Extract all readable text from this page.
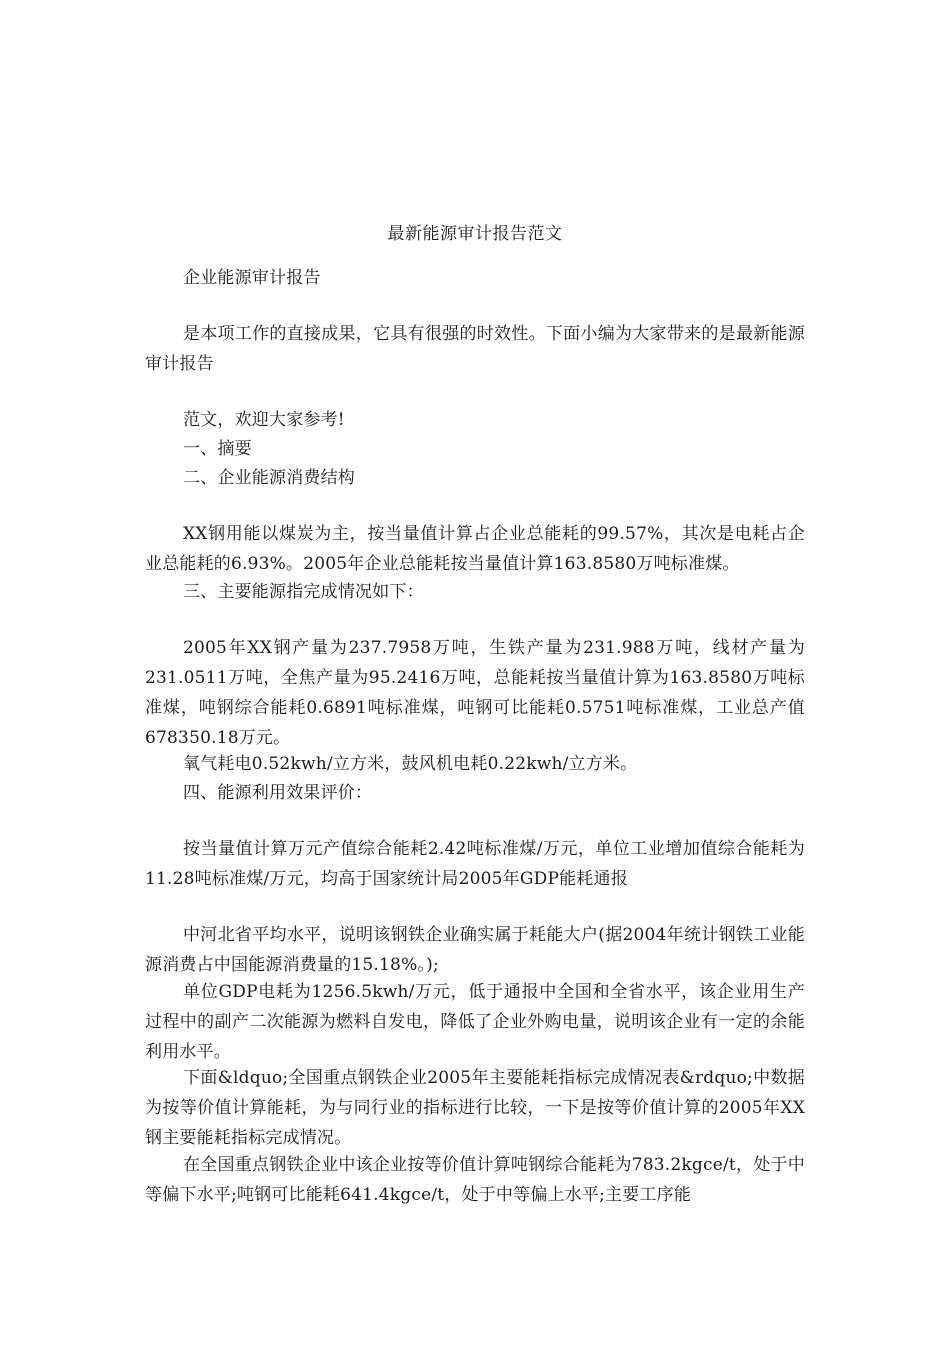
最新能源审计报告范文

企业能源审计报告

是本项工作的直接成果，它具有很强的时效性。下面小编为大家带来的是最新能源审计报告

范文，欢迎大家参考!

一、摘要

二、企业能源消费结构

XX钢用能以煤炭为主，按当量值计算占企业总能耗的99.57%，其次是电耗占企业总能耗的6.93%。2005年企业总能耗按当量值计算163.8580万吨标准煤。

三、主要能源指完成情况如下：

2005年XX钢产量为237.7958万吨，生铁产量为231.988万吨，线材产量为231.0511万吨，全焦产量为95.2416万吨，总能耗按当量值计算为163.8580万吨标准煤，吨钢综合能耗0.6891吨标准煤，吨钢可比能耗0.5751吨标准煤，工业总产值678350.18万元。

氧气耗电0.52kwh/立方米，鼓风机电耗0.22kwh/立方米。

四、能源利用效果评价：

按当量值计算万元产值综合能耗2.42吨标准煤/万元，单位工业增加值综合能耗为11.28吨标准煤/万元，均高于国家统计局2005年GDP能耗通报

中河北省平均水平，说明该钢铁企业确实属于耗能大户(据2004年统计钢铁工业能源消费占中国能源消费量的15.18%。);

单位GDP电耗为1256.5kwh/万元，低于通报中全国和全省水平，该企业用生产过程中的副产二次能源为燃料自发电，降低了企业外购电量，说明该企业有一定的余能利用水平。

下面&ldquo;全国重点钢铁企业2005年主要能耗指标完成情况表&rdquo;中数据为按等价值计算能耗，为与同行业的指标进行比较，一下是按等价值计算的2005年XX钢主要能耗指标完成情况。

在全国重点钢铁企业中该企业按等价值计算吨钢综合能耗为783.2kgce/t，处于中等偏下水平;吨钢可比能耗641.4kgce/t，处于中等偏上水平;主要工序能
